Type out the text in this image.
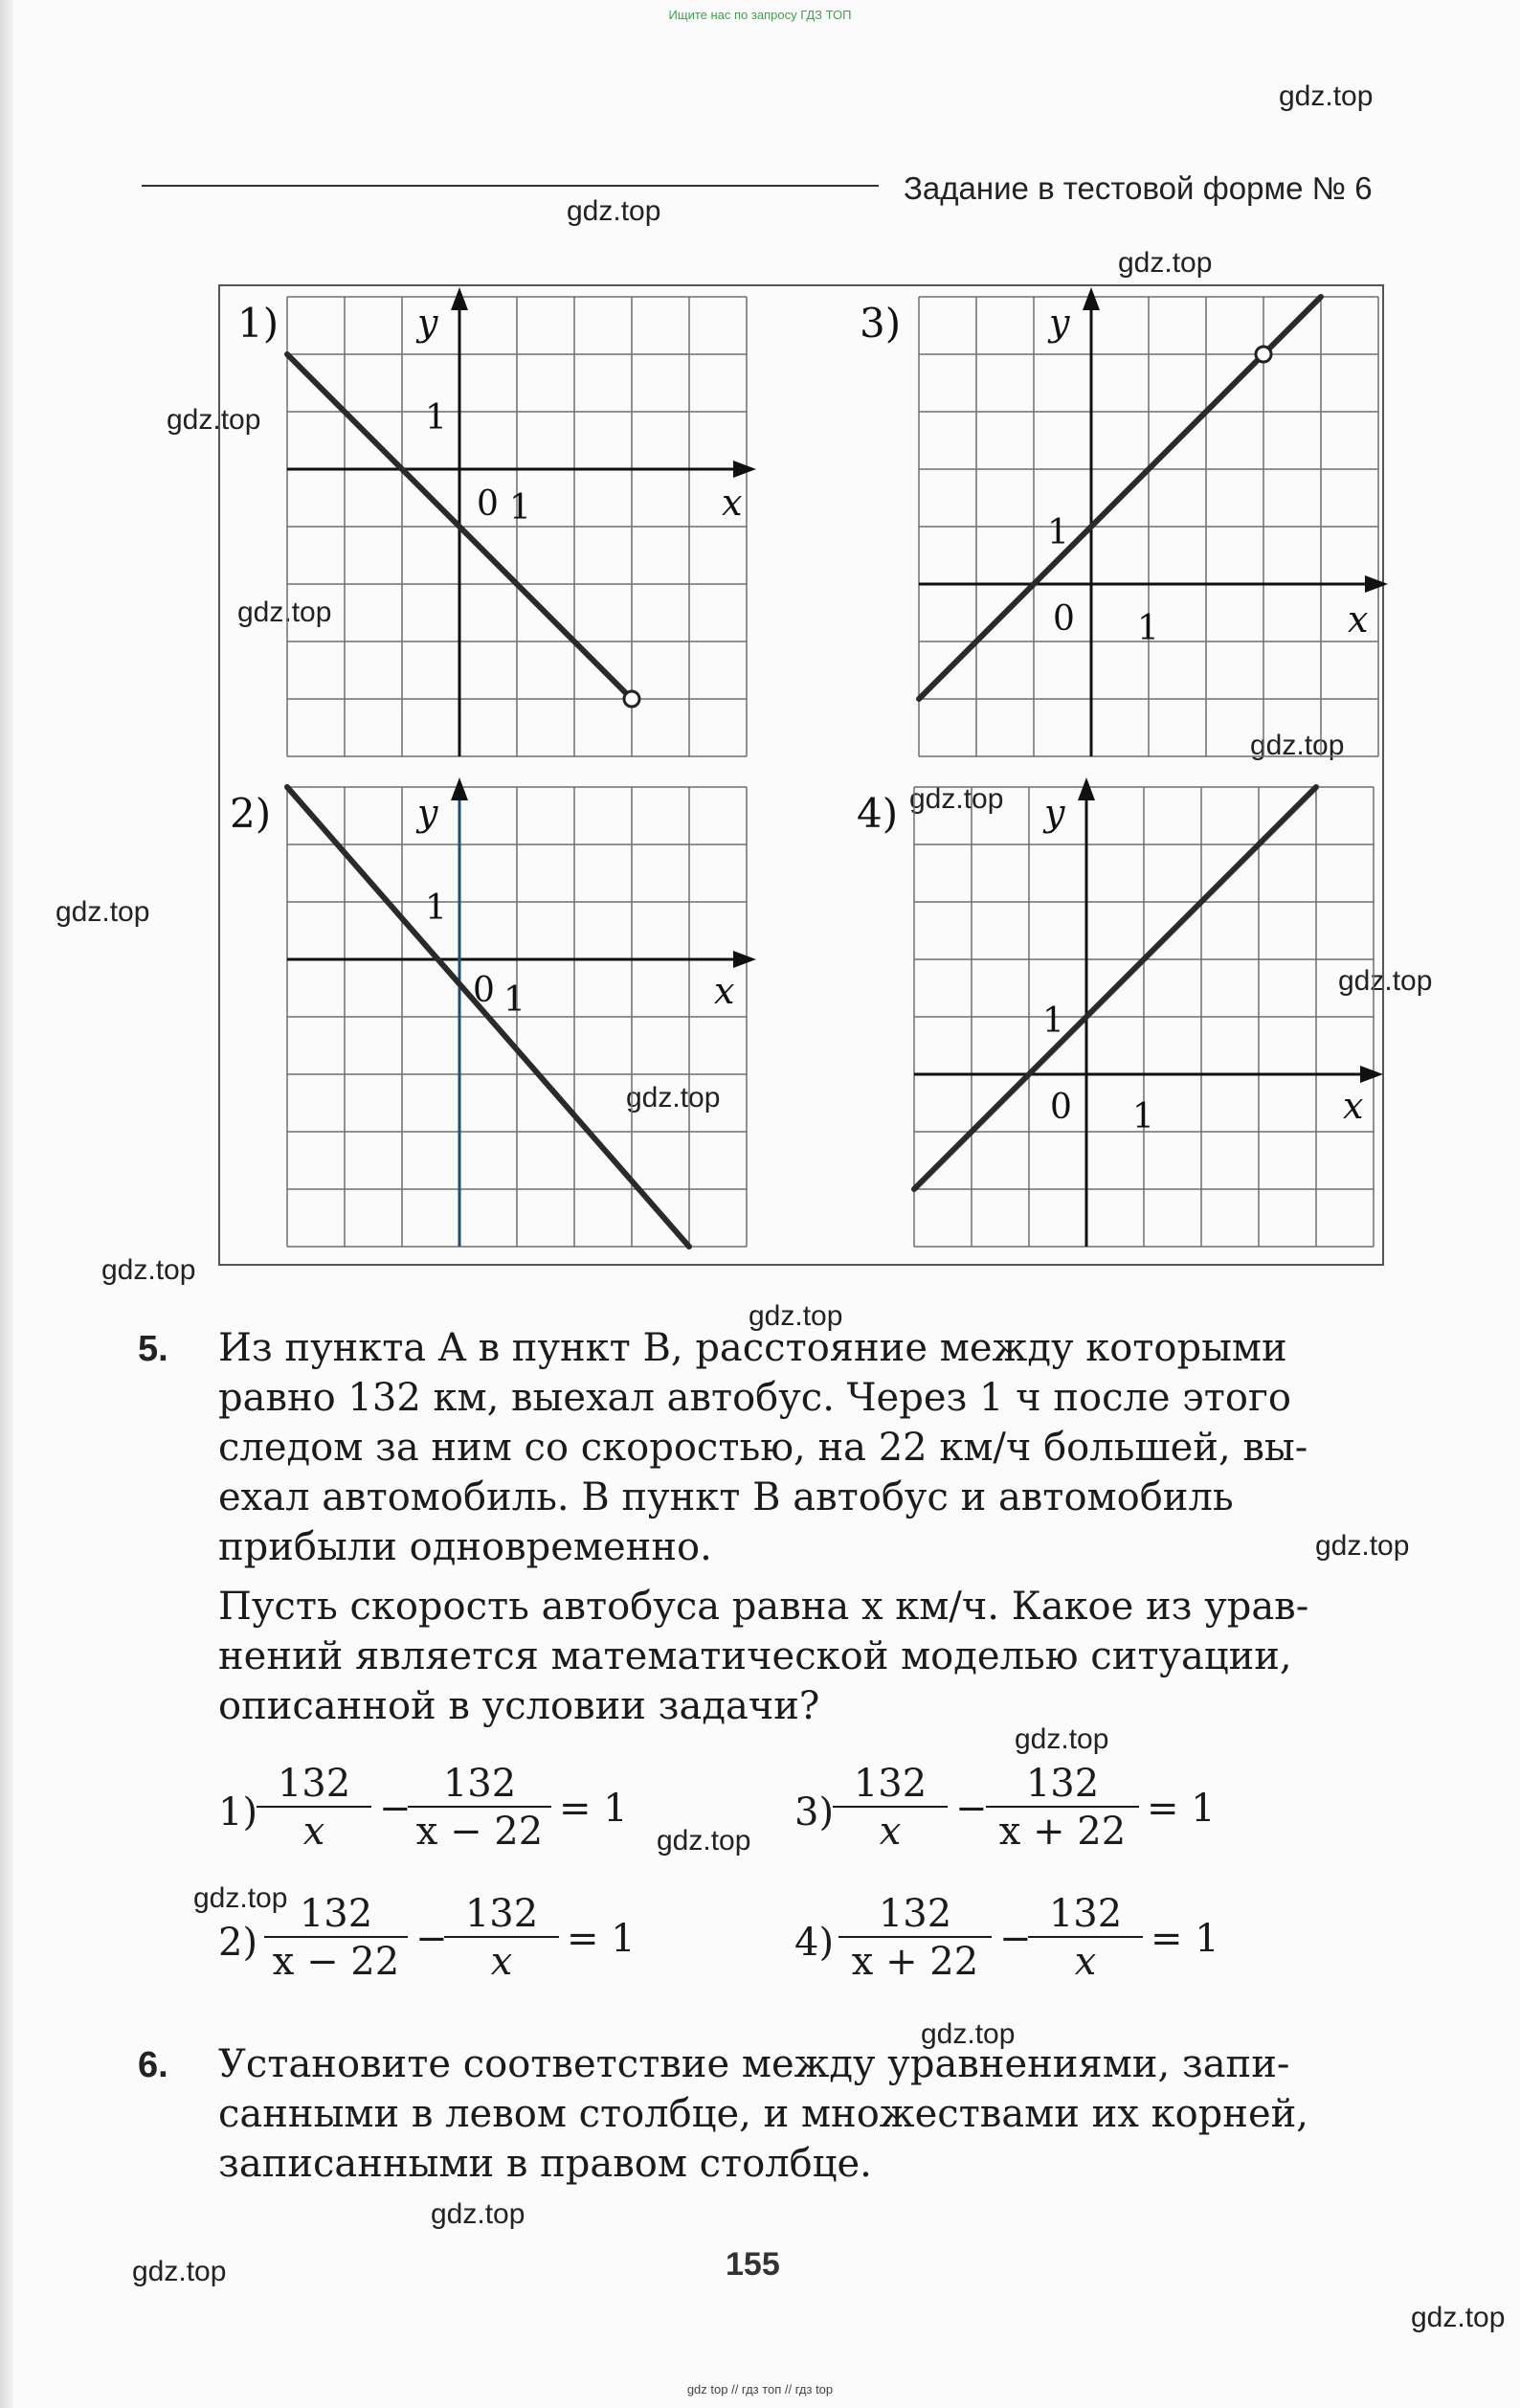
Ищите нас по запросу ГДЗ ТОП
gdz.top
gdz.top
gdz.top
gdz.top
gdz.top
gdz.top
gdz.top
gdz.top
gdz.top
gdz.top
gdz.top
gdz.top
gdz.top
gdz.top
gdz.top
gdz.top
gdz.top
gdz.top
gdz.top
gdz.top
Задание в тестовой форме № 6
1)	y
1
0 1	x
3)	y
1
0 1	x
2)	y
1
0 1	x
4)	y
1
0 1	x
5. Из пункта A в пункт B, расстояние между которыми
равно 132 км, выехал автобус. Через 1 ч после этого
следом за ним со скоростью, на 22 км/ч большей, вы-
ехал автомобиль. В пункт B автобус и автомобиль
прибыли одновременно.
Пусть скорость автобуса равна x км/ч. Какое из урав-
нений является математической моделью ситуации,
описанной в условии задачи?
1)
$\frac{132}{x}$ −
$\frac{132}{x - 22} = 1$	3)
$\frac{132}{x}$ −
$\frac{132}{x + 22} = 1$
$2) \frac{132}{x - 22}$ −
$\frac{132}{x} = 1$	$4) \frac{132}{x + 22}$ −
$\frac{132}{x} = 1$
6. Установите соответствие между уравнениями, запи-
санными в левом столбце, и множествами их корней,
записанными в правом столбце.
155
gdz top // гдз топ // гдз top
